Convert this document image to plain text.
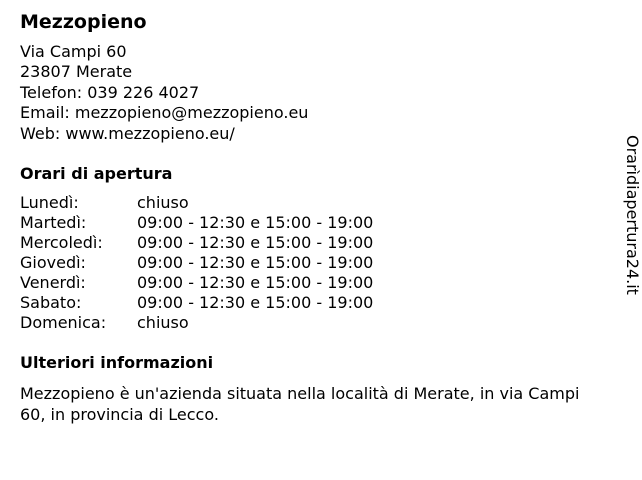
Mezzopieno
Via Campi 60
23807 Merate
Telefon: 039 226 4027
Email: mezzopieno@mezzopieno.eu
Web: www.mezzopieno.eu/
Orari di apertura
Lunedì:	chiuso
Martedì:	09:00 - 12:30 e 15:00 - 19:00
Mercoledì:	09:00 - 12:30 e 15:00 - 19:00
Giovedì:	09:00 - 12:30 e 15:00 - 19:00
Venerdì:	09:00 - 12:30 e 15:00 - 19:00
Sabato:	09:00 - 12:30 e 15:00 - 19:00
Domenica:	chiuso
Ulteriori informazioni

Mezzopieno è un'azienda situata nella località di Merate, in via Campi 60, in provincia di Lecco.

Orarìdiapertura24.it
